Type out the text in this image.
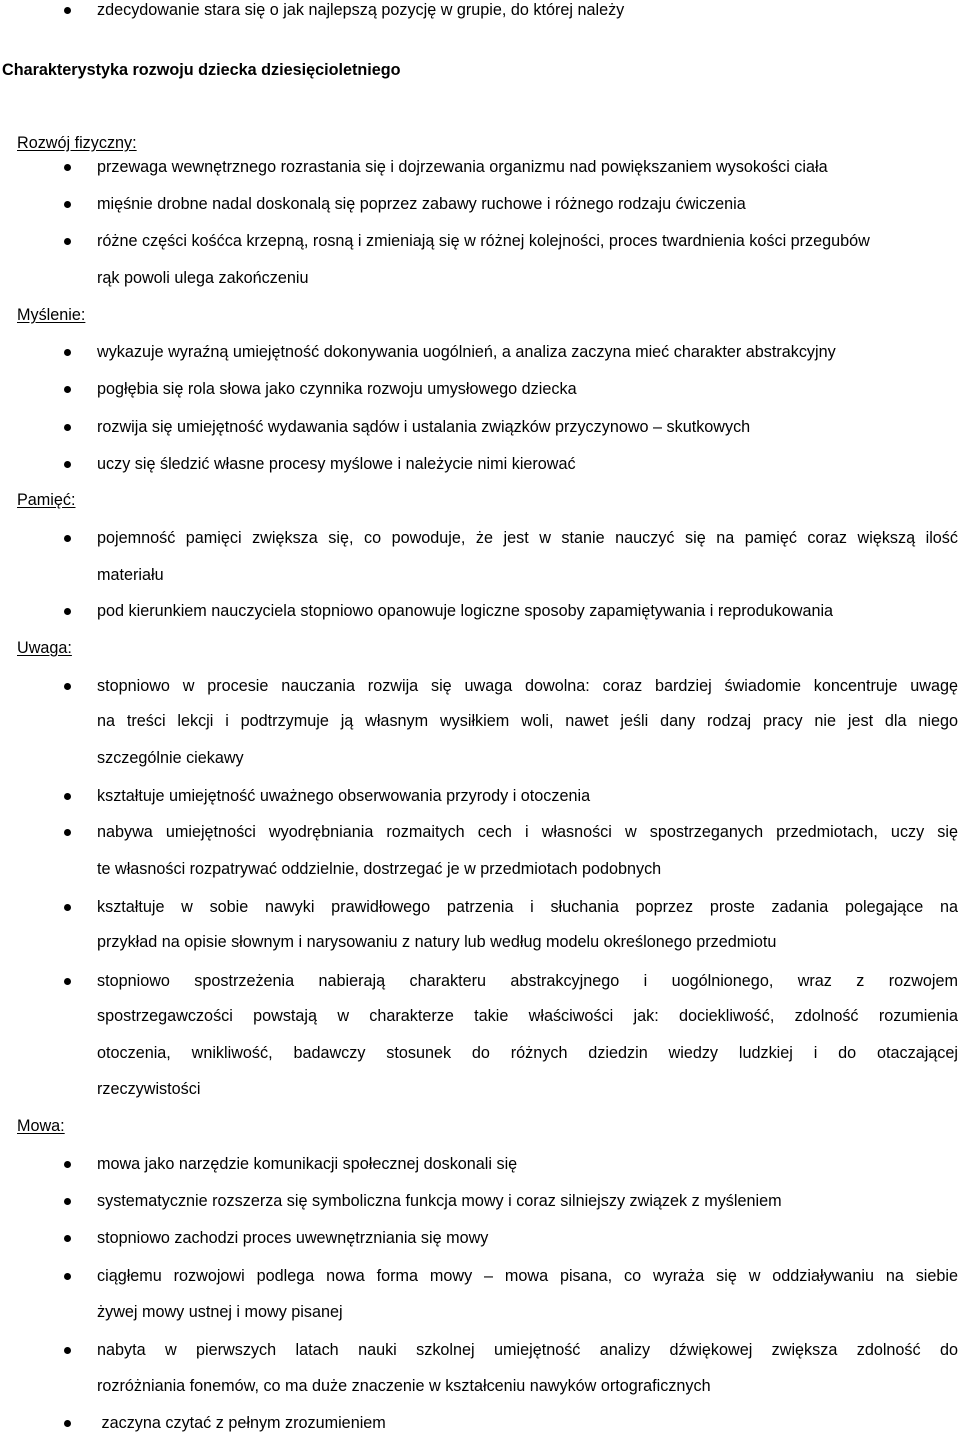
zdecydowanie stara się o jak najlepszą pozycję w grupie, do której należy
Charakterystyka rozwoju dziecka dziesięcioletniego
Rozwój fizyczny:
przewaga wewnętrznego rozrastania się i dojrzewania organizmu nad powiększaniem wysokości ciała
mięśnie drobne nadal doskonalą się poprzez zabawy ruchowe i różnego rodzaju ćwiczenia
różne części kośćca krzepną, rosną i zmieniają się w różnej kolejności, proces twardnienia kości przegubów
rąk powoli ulega zakończeniu
Myślenie:
wykazuje wyraźną umiejętność dokonywania uogólnień, a analiza zaczyna mieć charakter abstrakcyjny
pogłębia się rola słowa jako czynnika rozwoju umysłowego dziecka
rozwija się umiejętność wydawania sądów i ustalania związków przyczynowo – skutkowych
uczy się śledzić własne procesy myślowe i należycie nimi kierować
Pamięć:
pojemność pamięci zwiększa się, co powoduje, że jest w stanie nauczyć się na pamięć coraz większą ilość
materiału
pod kierunkiem nauczyciela stopniowo opanowuje logiczne sposoby zapamiętywania i reprodukowania
Uwaga:
stopniowo w procesie nauczania rozwija się uwaga dowolna: coraz bardziej świadomie koncentruje uwagę
na treści lekcji i podtrzymuje ją własnym wysiłkiem woli, nawet jeśli dany rodzaj pracy nie jest dla niego
szczególnie ciekawy
kształtuje umiejętność uważnego obserwowania przyrody i otoczenia
nabywa umiejętności wyodrębniania rozmaitych cech i własności w spostrzeganych przedmiotach, uczy się
te własności rozpatrywać oddzielnie, dostrzegać je w przedmiotach podobnych
kształtuje w sobie nawyki prawidłowego patrzenia i słuchania poprzez proste zadania polegające na
przykład na opisie słownym i narysowaniu z natury lub według modelu określonego przedmiotu
stopniowo spostrzeżenia nabierają charakteru abstrakcyjnego i uogólnionego, wraz z rozwojem
spostrzegawczości powstają w charakterze takie właściwości jak: dociekliwość, zdolność rozumienia
otoczenia, wnikliwość, badawczy stosunek do różnych dziedzin wiedzy ludzkiej i do otaczającej
rzeczywistości
Mowa:
mowa jako narzędzie komunikacji społecznej doskonali się
systematycznie rozszerza się symboliczna funkcja mowy i coraz silniejszy związek z myśleniem
stopniowo zachodzi proces uwewnętrzniania się mowy
ciągłemu rozwojowi podlega nowa forma mowy – mowa pisana, co wyraża się w oddziaływaniu na siebie
żywej mowy ustnej i mowy pisanej
nabyta w pierwszych latach nauki szkolnej umiejętność analizy dźwiękowej zwiększa zdolność do
rozróżniania fonemów, co ma duże znaczenie w kształceniu nawyków ortograficznych
zaczyna czytać z pełnym zrozumieniem
